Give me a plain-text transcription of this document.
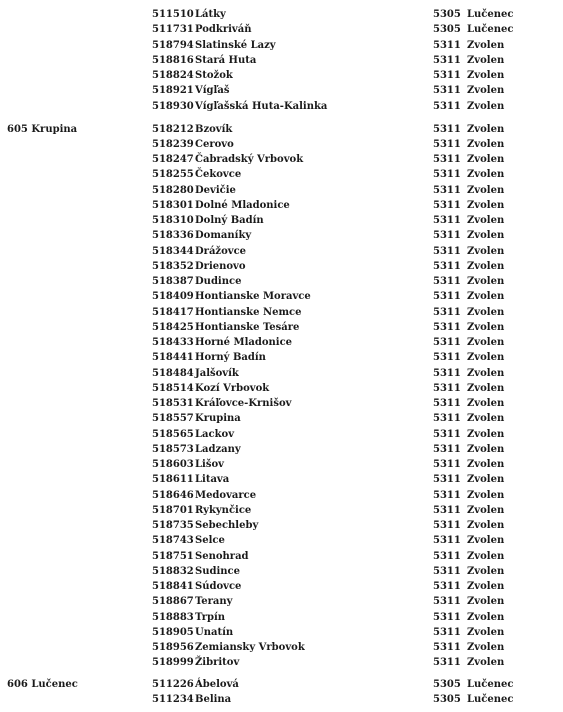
511510 Látky	5305 Lučenec
511731 Podkriváň	5305 Lučenec
518794 Slatinské Lazy	5311 Zvolen
518816 Stará Huta	5311 Zvolen
518824 Stožok	5311 Zvolen
518921 Vígľaš	5311 Zvolen
518930 Vígľašská Huta-Kalinka	5311 Zvolen
605 Krupina	518212 Bzovík	5311 Zvolen
518239 Cerovo	5311 Zvolen
518247 Čabradský Vrbovok	5311 Zvolen
518255 Čekovce	5311 Zvolen
518280 Devičie	5311 Zvolen
518301 Dolné Mladonice	5311 Zvolen
518310 Dolný Badín	5311 Zvolen
518336 Domaníky	5311 Zvolen
518344 Drážovce	5311 Zvolen
518352 Drienovo	5311 Zvolen
518387 Dudince	5311 Zvolen
518409 Hontianske Moravce	5311 Zvolen
518417 Hontianske Nemce	5311 Zvolen
518425 Hontianske Tesáre	5311 Zvolen
518433 Horné Mladonice	5311 Zvolen
518441 Horný Badín	5311 Zvolen
518484 Jalšovík	5311 Zvolen
518514 Kozí Vrbovok	5311 Zvolen
518531 Kráľovce-Krnišov	5311 Zvolen
518557 Krupina	5311 Zvolen
518565 Lackov	5311 Zvolen
518573 Ladzany	5311 Zvolen
518603 Lišov	5311 Zvolen
518611 Litava	5311 Zvolen
518646 Medovarce	5311 Zvolen
518701 Rykynčice	5311 Zvolen
518735 Sebechleby	5311 Zvolen
518743 Selce	5311 Zvolen
518751 Senohrad	5311 Zvolen
518832 Sudince	5311 Zvolen
518841 Súdovce	5311 Zvolen
518867 Terany	5311 Zvolen
518883 Trpín	5311 Zvolen
518905 Unatín	5311 Zvolen
518956 Zemiansky Vrbovok	5311 Zvolen
518999 Žibritov	5311 Zvolen
606 Lučenec	511226 Ábelová	5305 Lučenec
511234 Belina	5305 Lučenec
